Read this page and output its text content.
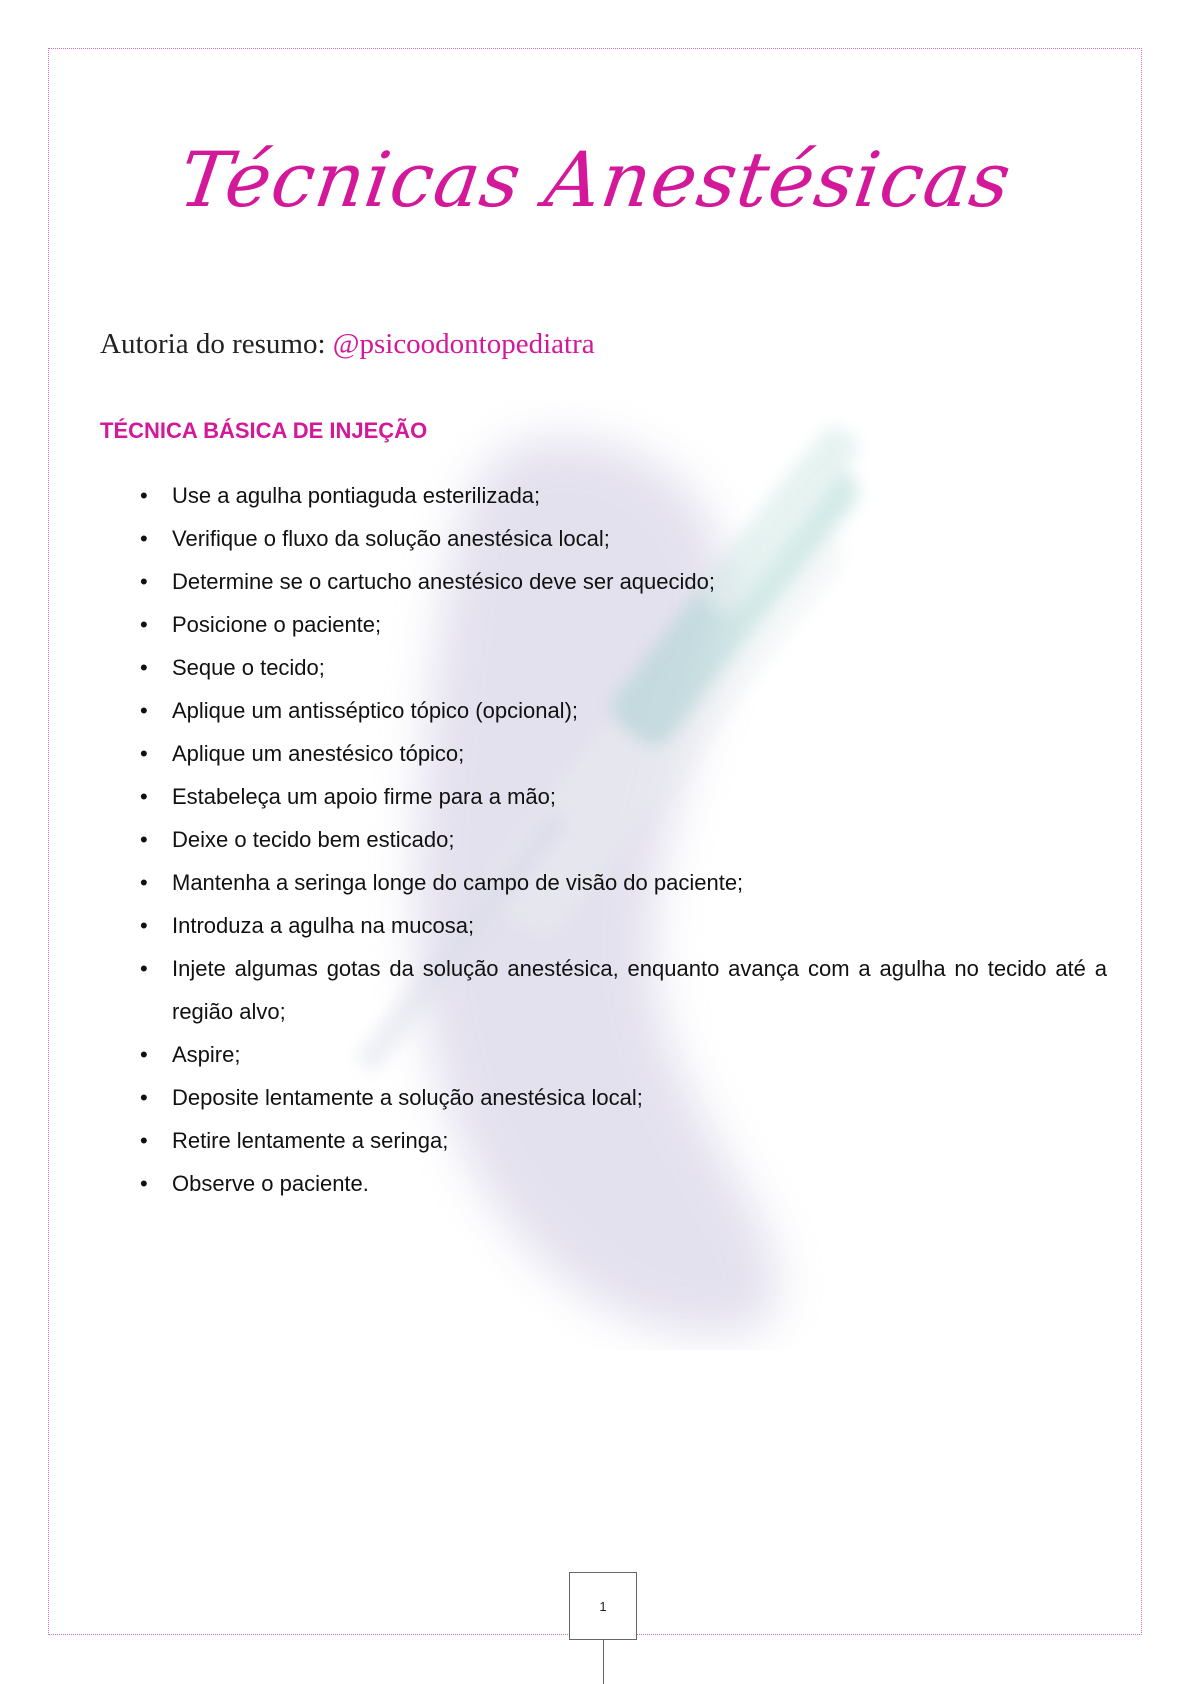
Técnicas Anestésicas
Autoria do resumo: @psicoodontopediatra
TÉCNICA BÁSICA DE INJEÇÃO
• Use a agulha pontiaguda esterilizada;
• Verifique o fluxo da solução anestésica local;
• Determine se o cartucho anestésico deve ser aquecido;
• Posicione o paciente;
• Seque o tecido;
• Aplique um antisséptico tópico (opcional);
• Aplique um anestésico tópico;
• Estabeleça um apoio firme para a mão;
• Deixe o tecido bem esticado;
• Mantenha a seringa longe do campo de visão do paciente;
• Introduza a agulha na mucosa;
• Injete algumas gotas da solução anestésica, enquanto avança com a agulha no tecido até a região alvo;
• Aspire;
• Deposite lentamente a solução anestésica local;
• Retire lentamente a seringa;
• Observe o paciente.
1
